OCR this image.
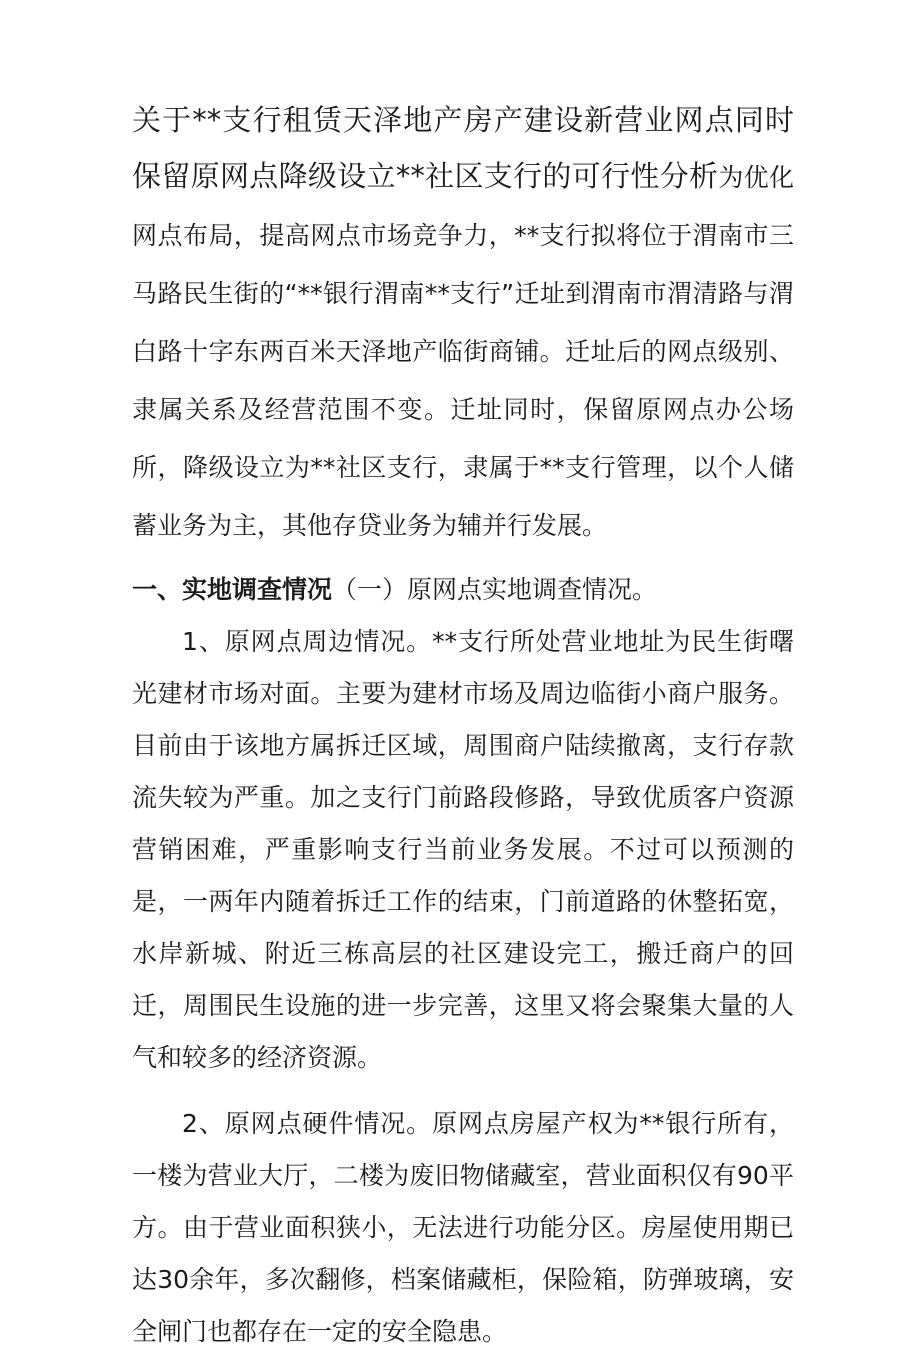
关于**支行租赁天泽地产房产建设新营业网点同时保留原网点降级设立**社区支行的可行性分析为优化网点布局，提高网点市场竞争力，**支行拟将位于渭南市三马路民生街的“**银行渭南**支行”迁址到渭南市渭清路与渭白路十字东两百米天泽地产临街商铺。迁址后的网点级别、隶属关系及经营范围不变。迁址同时，保留原网点办公场所，降级设立为**社区支行，隶属于**支行管理，以个人储蓄业务为主，其他存贷业务为辅并行发展。

一、实地调查情况（一）原网点实地调查情况。

1、原网点周边情况。**支行所处营业地址为民生街曙光建材市场对面。主要为建材市场及周边临街小商户服务。目前由于该地方属拆迁区域，周围商户陆续撤离，支行存款流失较为严重。加之支行门前路段修路，导致优质客户资源营销困难，严重影响支行当前业务发展。不过可以预测的是，一两年内随着拆迁工作的结束，门前道路的休整拓宽，水岸新城、附近三栋高层的社区建设完工，搬迁商户的回迁，周围民生设施的进一步完善，这里又将会聚集大量的人气和较多的经济资源。

2、原网点硬件情况。原网点房屋产权为**银行所有，一楼为营业大厅，二楼为废旧物储藏室，营业面积仅有90平方。由于营业面积狭小，无法进行功能分区。房屋使用期已达30余年，多次翻修，档案储藏柜，保险箱，防弹玻璃，安全闸门也都存在一定的安全隐患。
